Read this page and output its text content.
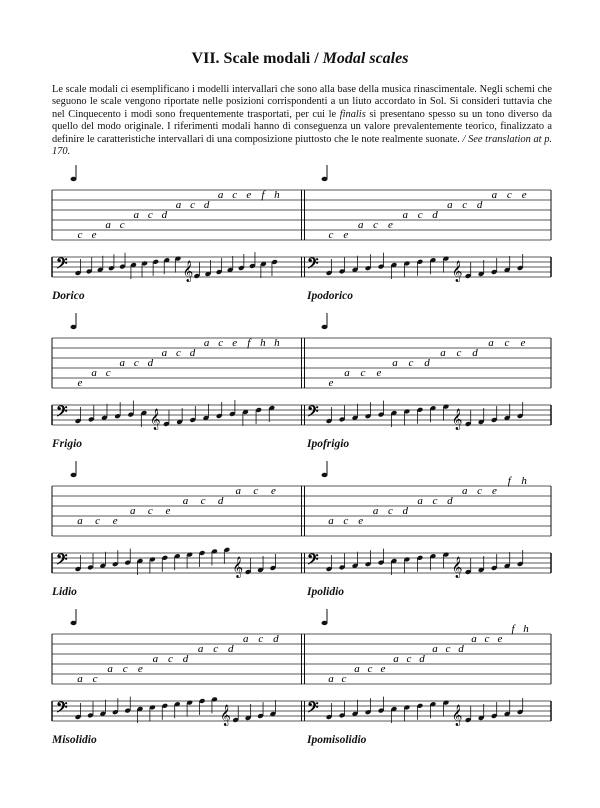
VII. Scale modali / Modal scales
Le scale modali ci esemplificano i modelli intervallari che sono alla base della musica rinascimentale. Negli schemi che seguono le scale vengono riportate nelle posizioni corrispondenti a un liuto accordato in Sol. Si consideri tuttavia che nel Cinquecento i modi sono frequentemente trasportati, per cui le finalis si presentano spesso su un tono diverso da quello del modo originale. I riferimenti modali hanno di conseguenza un valore prevalentemente teorico, finalizzato a definire le caratteristiche intervallari di una composizione piuttosto che le note realmente suonate. / See translation at p. 170.
c e
a c
a c d
a c d
a c e f h
𝄢	𝄞
c e
a c e
a c d
a c d
a c e
𝄢	𝄞
e
a c
a c d
a c d
a c e f h h
𝄢	𝄞
e
a c e
a c d
a c d
a c e
𝄢	𝄞
a c e
a c e
a c d
a c e
𝄢	𝄞
a c e
a c d
a c d
a c e
f h
𝄢	𝄞
a c
a c e
a c d
a c d
a c d
𝄢	𝄞
a c
a c e
a c d
a c d
a c e
f h
𝄢	𝄞
Dorico	Ipodorico
Frigio	Ipofrigio
Lidio	Ipolidio
Misolidio	Ipomisolidio
